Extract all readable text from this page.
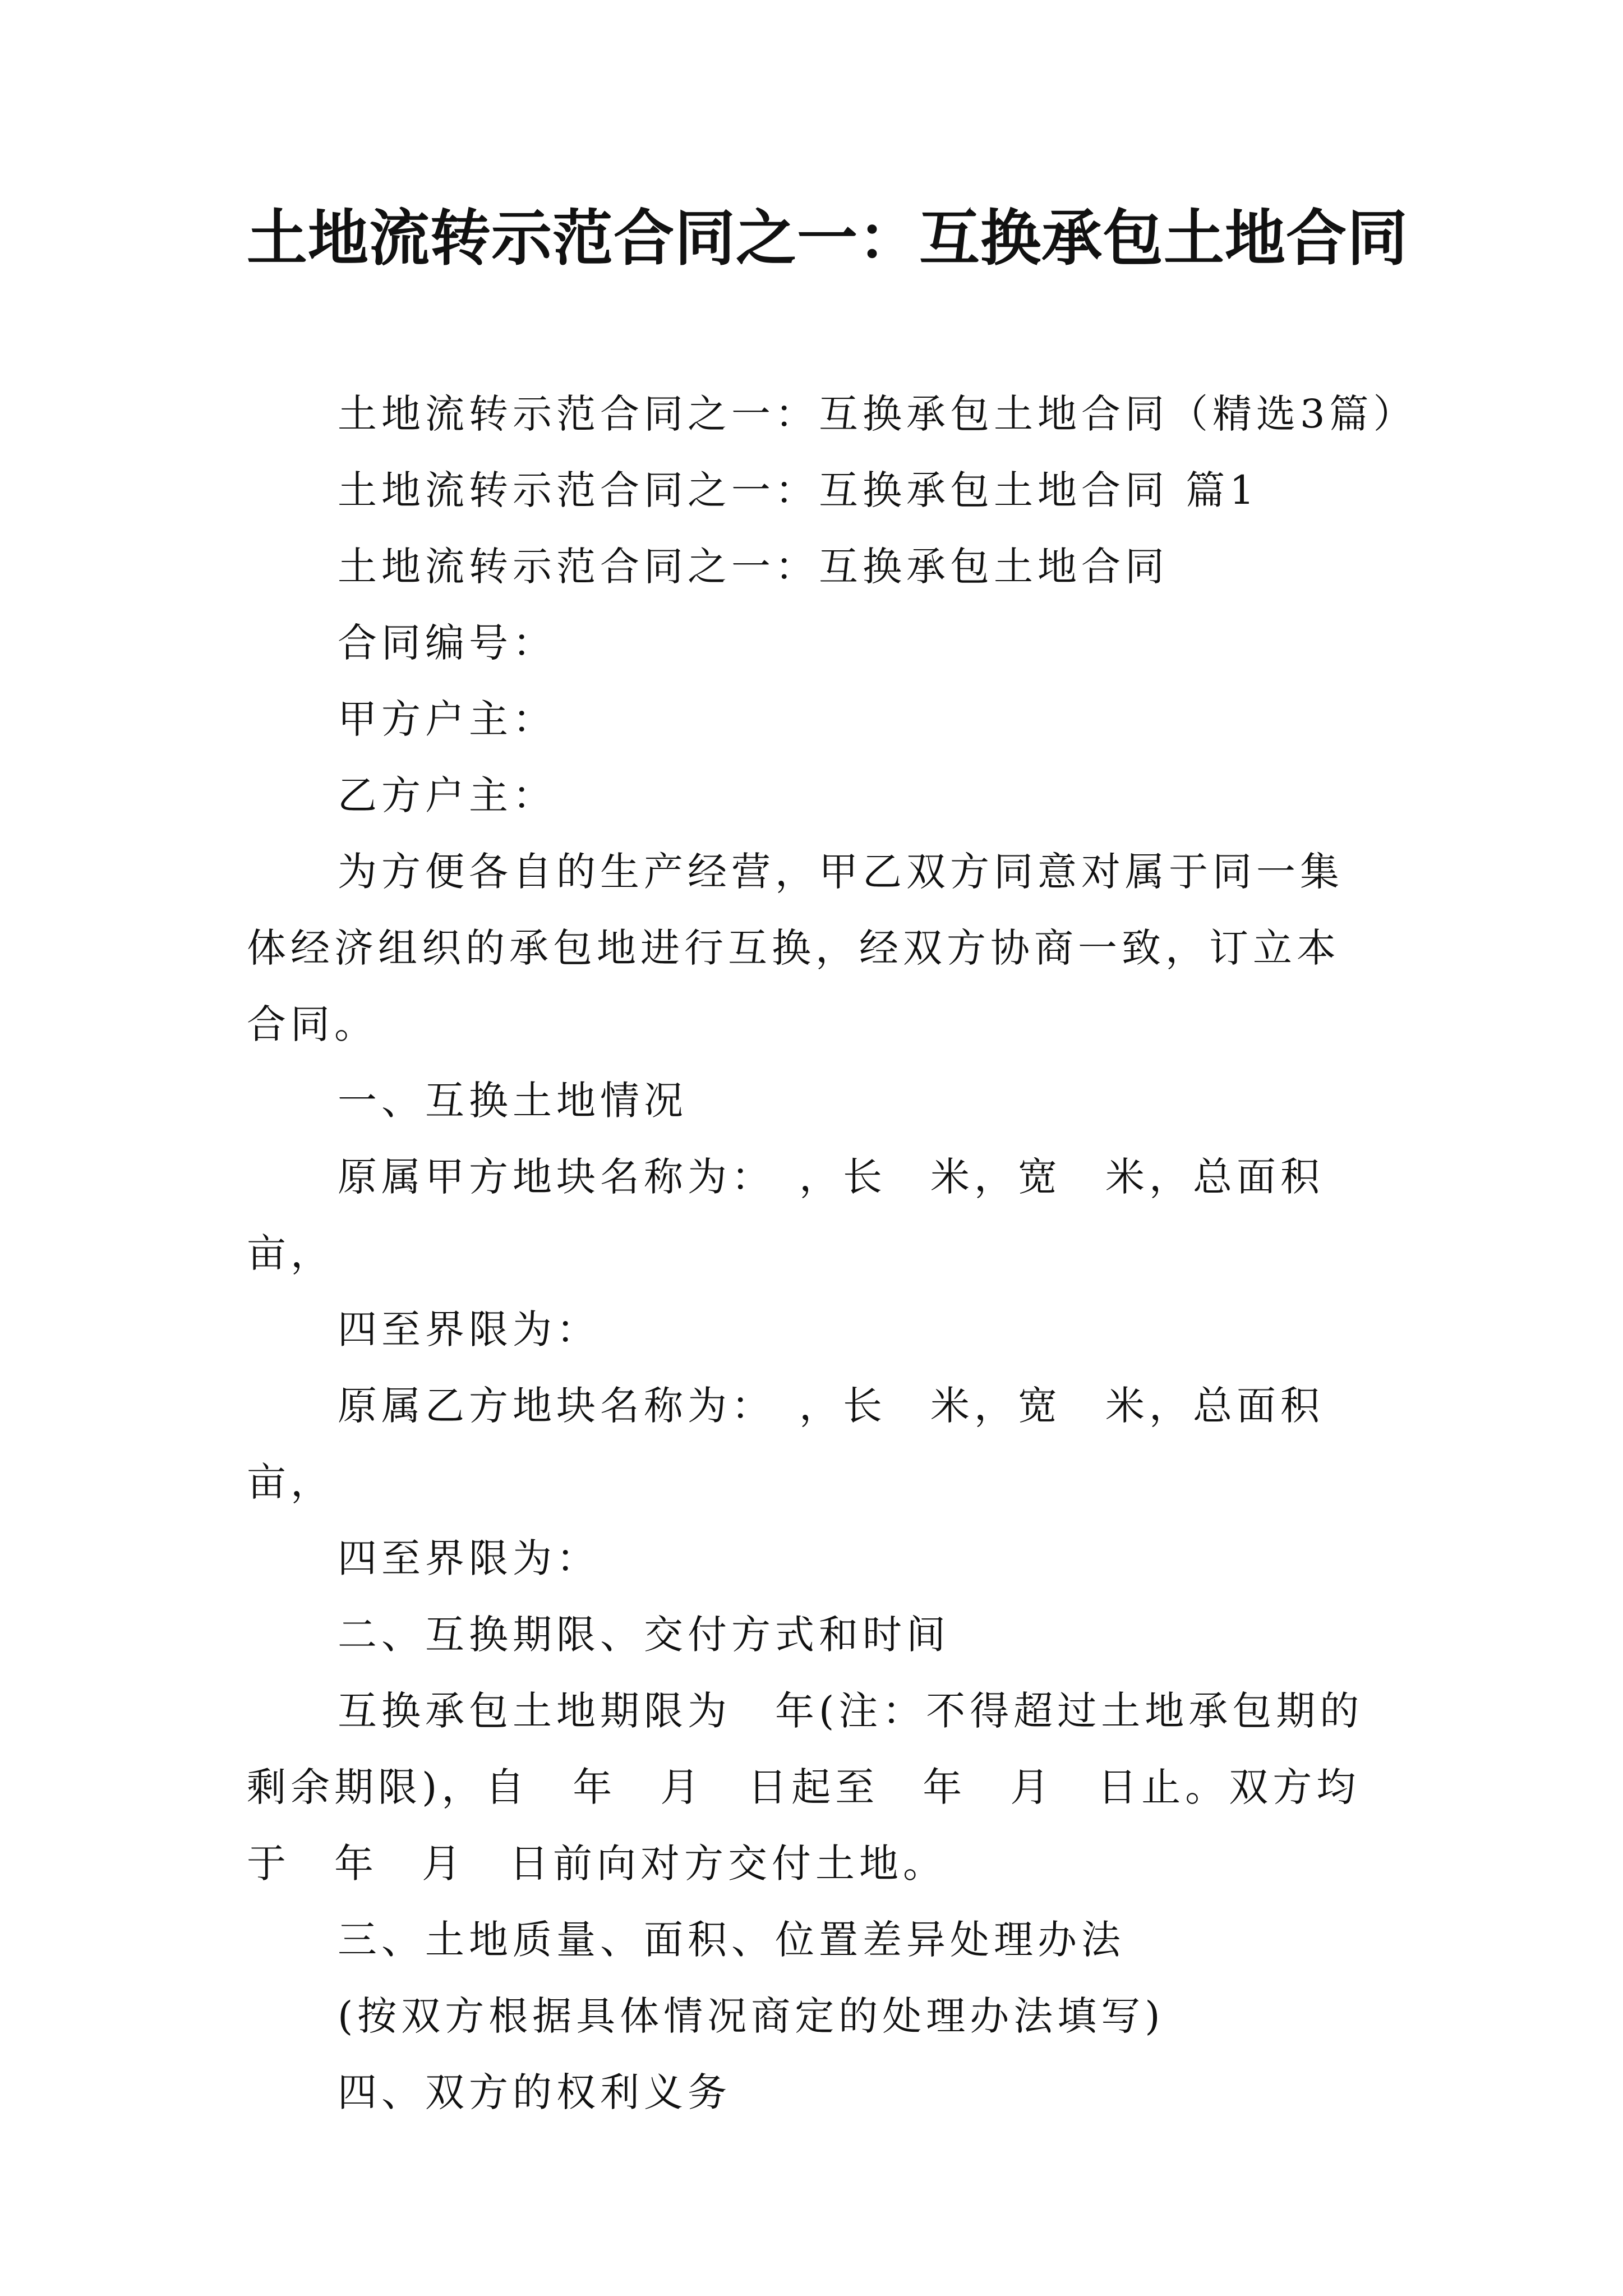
土地流转示范合同之一：互换承包土地合同

土地流转示范合同之一：互换承包土地合同（精选3篇）

土地流转示范合同之一：互换承包土地合同 篇1

土地流转示范合同之一：互换承包土地合同

合同编号：

甲方户主：

乙方户主：

为方便各自的生产经营，甲乙双方同意对属于同一集体经济组织的承包地进行互换，经双方协商一致，订立本合同。

一、互换土地情况

原属甲方地块名称为：　，长　米，宽　米，总面积　亩，

四至界限为：

原属乙方地块名称为：　，长　米，宽　米，总面积　亩，

四至界限为：

二、互换期限、交付方式和时间

互换承包土地期限为　年(注：不得超过土地承包期的剩余期限)，自　年　月　日起至　年　月　日止。双方均于　年　月　日前向对方交付土地。

三、土地质量、面积、位置差异处理办法

(按双方根据具体情况商定的处理办法填写)

四、双方的权利义务
